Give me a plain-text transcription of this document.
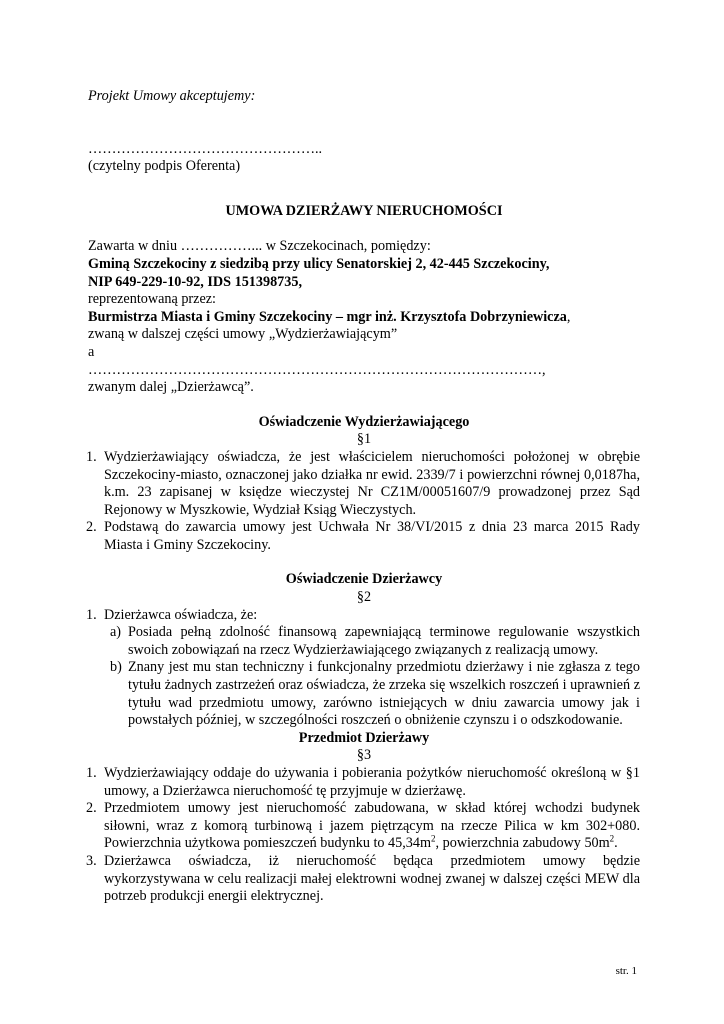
Projekt Umowy akceptujemy:

…………………………………………..

(czytelny podpis Oferenta)

UMOWA DZIERŻAWY NIERUCHOMOŚCI

Zawarta w dniu ……………... w Szczekocinach, pomiędzy:

Gminą Szczekociny z siedzibą przy ulicy Senatorskiej 2, 42-445 Szczekociny,

NIP 649-229-10-92, IDS 151398735,

reprezentowaną przez:

Burmistrza Miasta i Gminy Szczekociny – mgr inż. Krzysztofa Dobrzyniewicza,

zwaną w dalszej części umowy „Wydzierżawiającym”

a

……………………………………………………………………………………,

zwanym dalej „Dzierżawcą”.

Oświadczenie Wydzierżawiającego

§1

1. Wydzierżawiający oświadcza, że jest właścicielem nieruchomości położonej w obrębie Szczekociny-miasto, oznaczonej jako działka nr ewid. 2339/7 i powierzchni równej 0,0187ha, k.m. 23 zapisanej w księdze wieczystej Nr CZ1M/00051607/9 prowadzonej przez Sąd Rejonowy w Myszkowie, Wydział Ksiąg Wieczystych.
2. Podstawą do zawarcia umowy jest Uchwała Nr 38/VI/2015 z dnia 23 marca 2015 Rady Miasta i Gminy Szczekociny.

Oświadczenie Dzierżawcy

§2

1. Dzierżawca oświadcza, że:
a) Posiada pełną zdolność finansową zapewniającą terminowe regulowanie wszystkich swoich zobowiązań na rzecz Wydzierżawiającego związanych z realizacją umowy.
b) Znany jest mu stan techniczny i funkcjonalny przedmiotu dzierżawy i nie zgłasza z tego tytułu żadnych zastrzeżeń oraz oświadcza, że zrzeka się wszelkich roszczeń i uprawnień z tytułu wad przedmiotu umowy, zarówno istniejących w dniu zawarcia umowy jak i powstałych później, w szczególności roszczeń o obniżenie czynszu i o odszkodowanie.

Przedmiot Dzierżawy

§3

1. Wydzierżawiający oddaje do używania i pobierania pożytków nieruchomość określoną w §1 umowy, a Dzierżawca nieruchomość tę przyjmuje w dzierżawę.
2. Przedmiotem umowy jest nieruchomość zabudowana, w skład której wchodzi budynek siłowni, wraz z komorą turbinową i jazem piętrzącym na rzecze Pilica w km 302+080. Powierzchnia użytkowa pomieszczeń budynku to $45,34m^2$, powierzchnia zabudowy $50m^2$.
3. Dzierżawca oświadcza, iż nieruchomość będąca przedmiotem umowy będzie wykorzystywana w celu realizacji małej elektrowni wodnej zwanej w dalszej części MEW dla potrzeb produkcji energii elektrycznej.
str. 1
